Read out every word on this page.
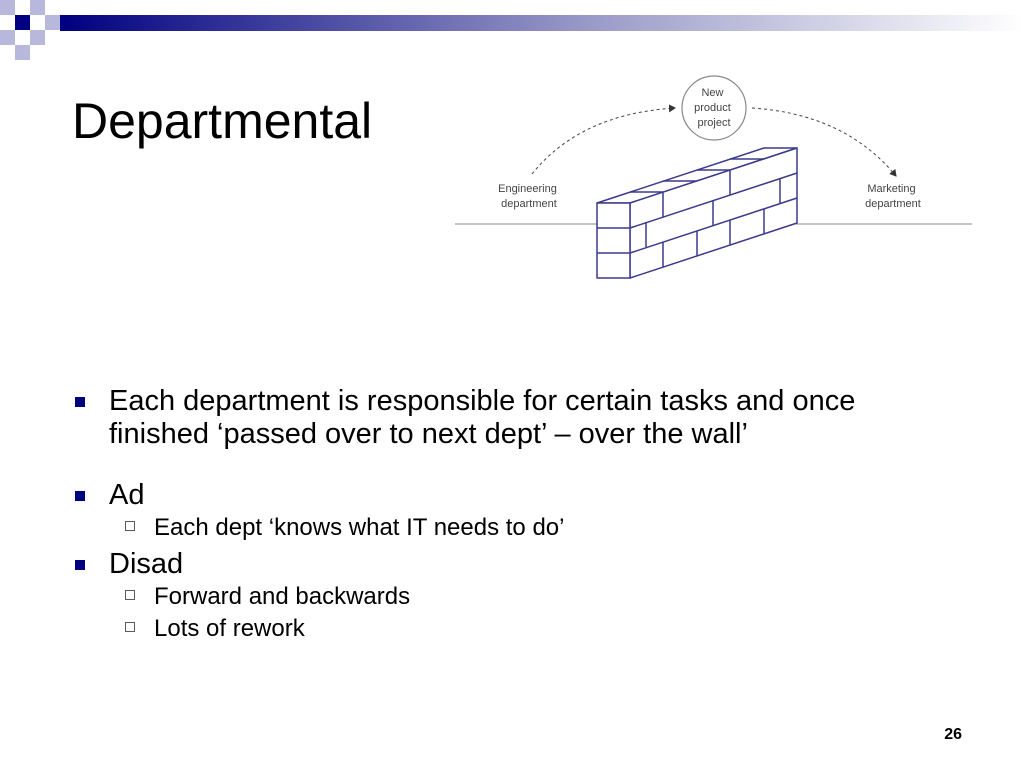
Departmental	New product project
Engineering department
Marketing department
Each department is responsible for certain tasks and once finished ‘passed over to next dept’ – over the wall’
Ad
Each dept ‘knows what IT needs to do’
Disad
Forward and backwards
Lots of rework
26
